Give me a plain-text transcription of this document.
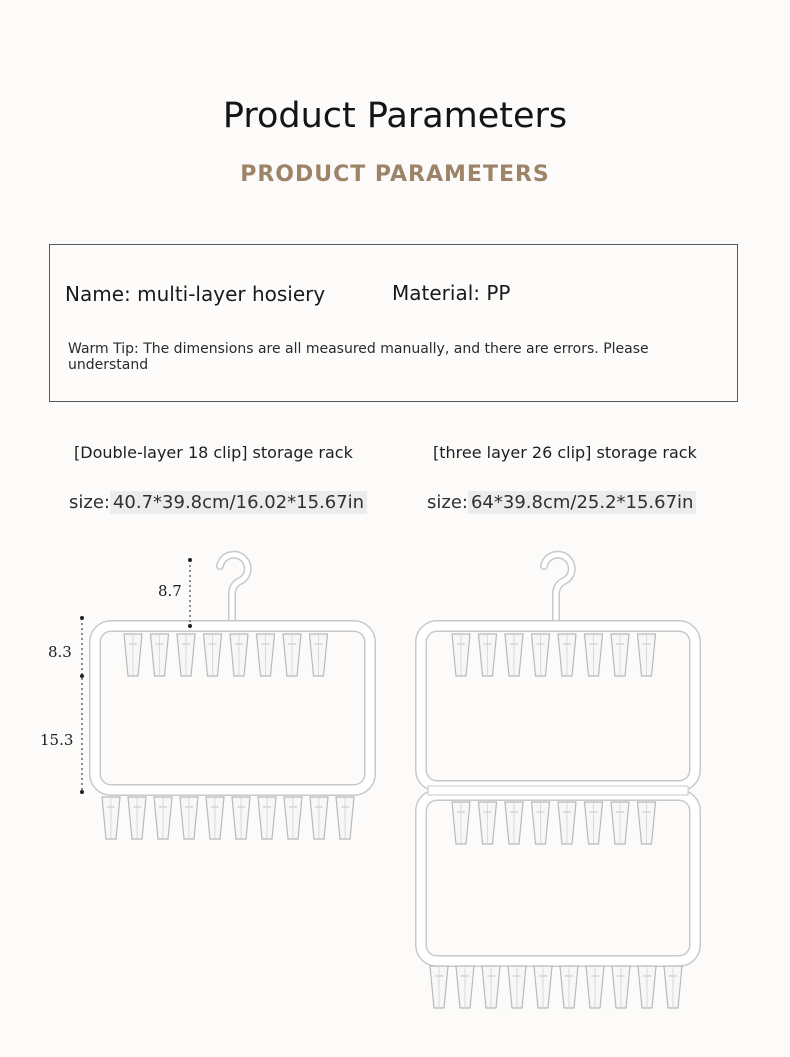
Product Parameters
PRODUCT PARAMETERS
Name: multi-layer hosiery	Material: PP
Warm Tip: The dimensions are all measured manually, and there are errors. Please understand
[Double-layer 18 clip] storage rack	[three layer 26 clip] storage rack
size: 40.7*39.8cm/16.02*15.67in	size: 64*39.8cm/25.2*15.67in
8.7
8.3
15.3
